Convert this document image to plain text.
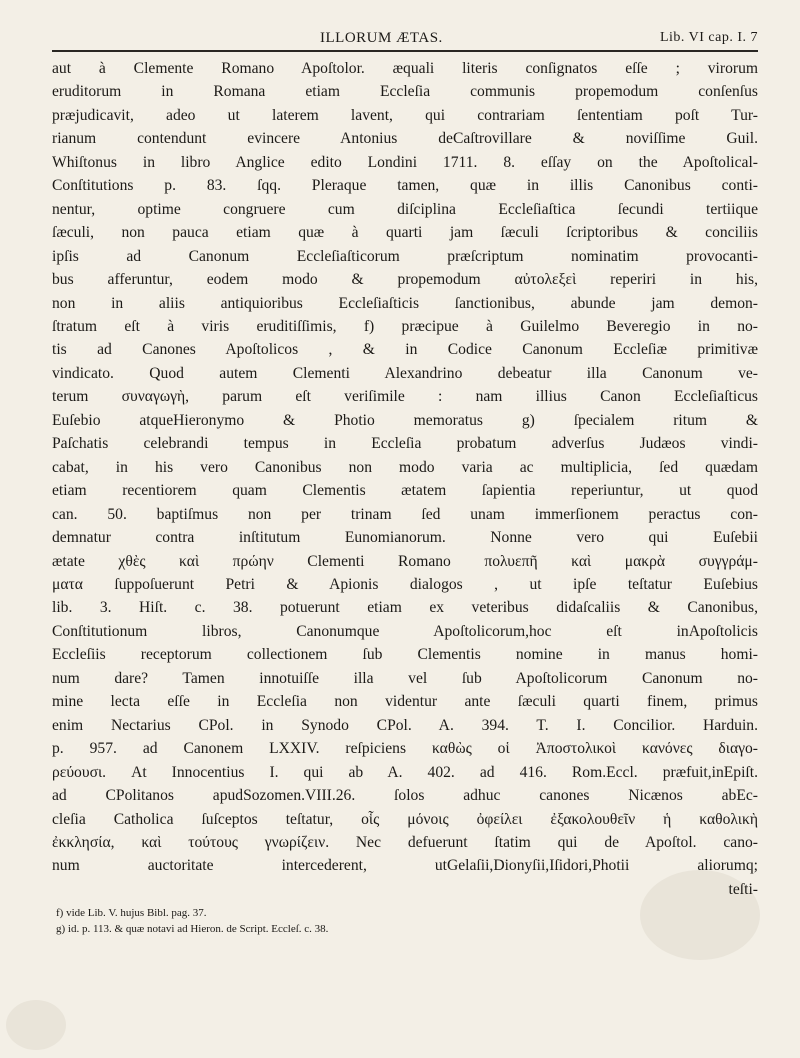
ILLORUM ÆTAS.	Lib. VI cap. I. 7
aut à Clemente Romano Apoſtolor. æquali literis conſignatos eſſe ; virorum
eruditorum in Romana etiam Eccleſia communis propemodum conſenſus
præjudicavit, adeo ut laterem lavent, qui contrariam ſententiam poſt Tur-
rianum contendunt evincere Antonius deCaſtrovillare & noviſſime Guil.
Whiſtonus in libro Anglice edito Londini 1711. 8. eſſay on the Apoſtolical-
Conſtitutions p. 83. ſqq. Pleraque tamen, quæ in illis Canonibus conti-
nentur, optime congruere cum diſciplina Eccleſiaſtica ſecundi tertiique
ſæculi, non pauca etiam quæ à quarti jam ſæculi ſcriptoribus & conciliis
ipſis ad Canonum Eccleſiaſticorum præſcriptum nominatim provocanti-
bus afferuntur, eodem modo & propemodum αὐτολεξεὶ reperiri in his,
non in aliis antiquioribus Eccleſiaſticis ſanctionibus, abunde jam demon-
ſtratum eſt à viris eruditiſſimis, f) præcipue à Guilelmo Beveregio in no-
tis ad Canones Apoſtolicos , & in Codice Canonum Eccleſiæ primitivæ
vindicato. Quod autem Clementi Alexandrino debeatur illa Canonum ve-
terum συναγωγὴ, parum eſt veriſimile : nam illius Canon Eccleſiaſticus
Euſebio atqueHieronymo & Photio memoratus g) ſpecialem ritum &
Paſchatis celebrandi tempus in Eccleſia probatum adverſus Judæos vindi-
cabat, in his vero Canonibus non modo varia ac multiplicia, ſed quædam
etiam recentiorem quam Clementis ætatem ſapientia reperiuntur, ut quod
can. 50. baptiſmus non per trinam ſed unam immerſionem peractus con-
demnatur contra inſtitutum Eunomianorum. Nonne vero qui Euſebii
ætate χθὲς καὶ πρώην Clementi Romano πολυεπῆ καὶ μακρὰ συγγράμ-
ματα ſuppoſuerunt Petri & Apionis dialogos , ut ipſe teſtatur Euſebius
lib. 3. Hiſt. c. 38. potuerunt etiam ex veteribus didaſcaliis & Canonibus,
Conſtitutionum libros, Canonumque Apoſtolicorum,hoc eſt inApoſtolicis
Eccleſiis receptorum collectionem ſub Clementis nomine in manus homi-
num dare? Tamen innotuiſſe illa vel ſub Apoſtolicorum Canonum no-
mine lecta eſſe in Eccleſia non videntur ante ſæculi quarti finem, primus
enim Nectarius CPol. in Synodo CPol. A. 394. T. I. Concilior. Harduin.
p. 957. ad Canonem LXXIV. reſpiciens καθὼς οἱ Ἀποστολικοὶ κανόνες διαγο-
ρεύουσι. At Innocentius I. qui ab A. 402. ad 416. Rom.Eccl. præfuit,inEpiſt.
ad CPolitanos apudSozomen.VIII.26. ſolos adhuc canones Nicænos abEc-
cleſia Catholica ſuſceptos teſtatur, οἷς μόνοις ὀφείλει ἐξακολουθεῖν ἡ καθολικὴ
ἐκκλησία, καὶ τούτους γνωρίζειν. Nec defuerunt ſtatim qui de Apoſtol. cano-
num auctoritate intercederent, utGelaſii,Dionyſii,Iſidori,Photii aliorumq;
teſti-
f) vide Lib. V. hujus Bibl. pag. 37.
g) id. p. 113. & quæ notavi ad Hieron. de Script. Eccleſ. c. 38.
